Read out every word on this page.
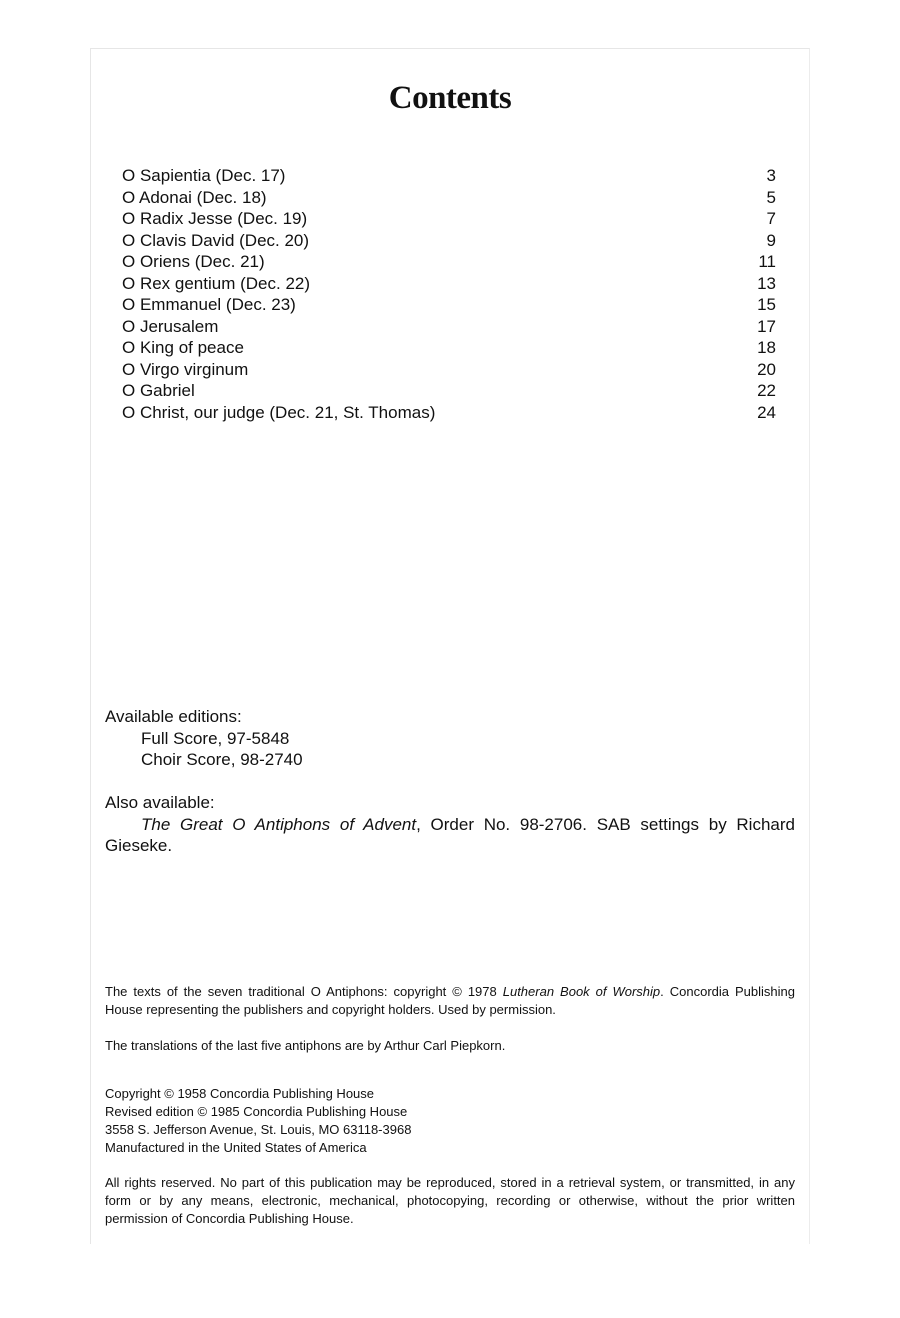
Contents
O Sapientia (Dec. 17)	3
O Adonai (Dec. 18)	5
O Radix Jesse (Dec. 19)	7
O Clavis David (Dec. 20)	9
O Oriens (Dec. 21)	11
O Rex gentium (Dec. 22)	13
O Emmanuel (Dec. 23)	15
O Jerusalem	17
O King of peace	18
O Virgo virginum	20
O Gabriel	22
O Christ, our judge (Dec. 21, St. Thomas)	24
Available editions:
Full Score, 97-5848
Choir Score, 98-2740
Also available:
The Great O Antiphons of Advent, Order No. 98-2706. SAB settings by Richard Gieseke.

The texts of the seven traditional O Antiphons: copyright © 1978 Lutheran Book of Worship. Concordia Publishing House representing the publishers and copyright holders. Used by permission.

The translations of the last five antiphons are by Arthur Carl Piepkorn.

Copyright © 1958 Concordia Publishing House

Revised edition © 1985 Concordia Publishing House

3558 S. Jefferson Avenue, St. Louis, MO 63118-3968

Manufactured in the United States of America

All rights reserved. No part of this publication may be reproduced, stored in a retrieval system, or transmitted, in any form or by any means, electronic, mechanical, photocopying, recording or otherwise, without the prior written permission of Concordia Publishing House.
